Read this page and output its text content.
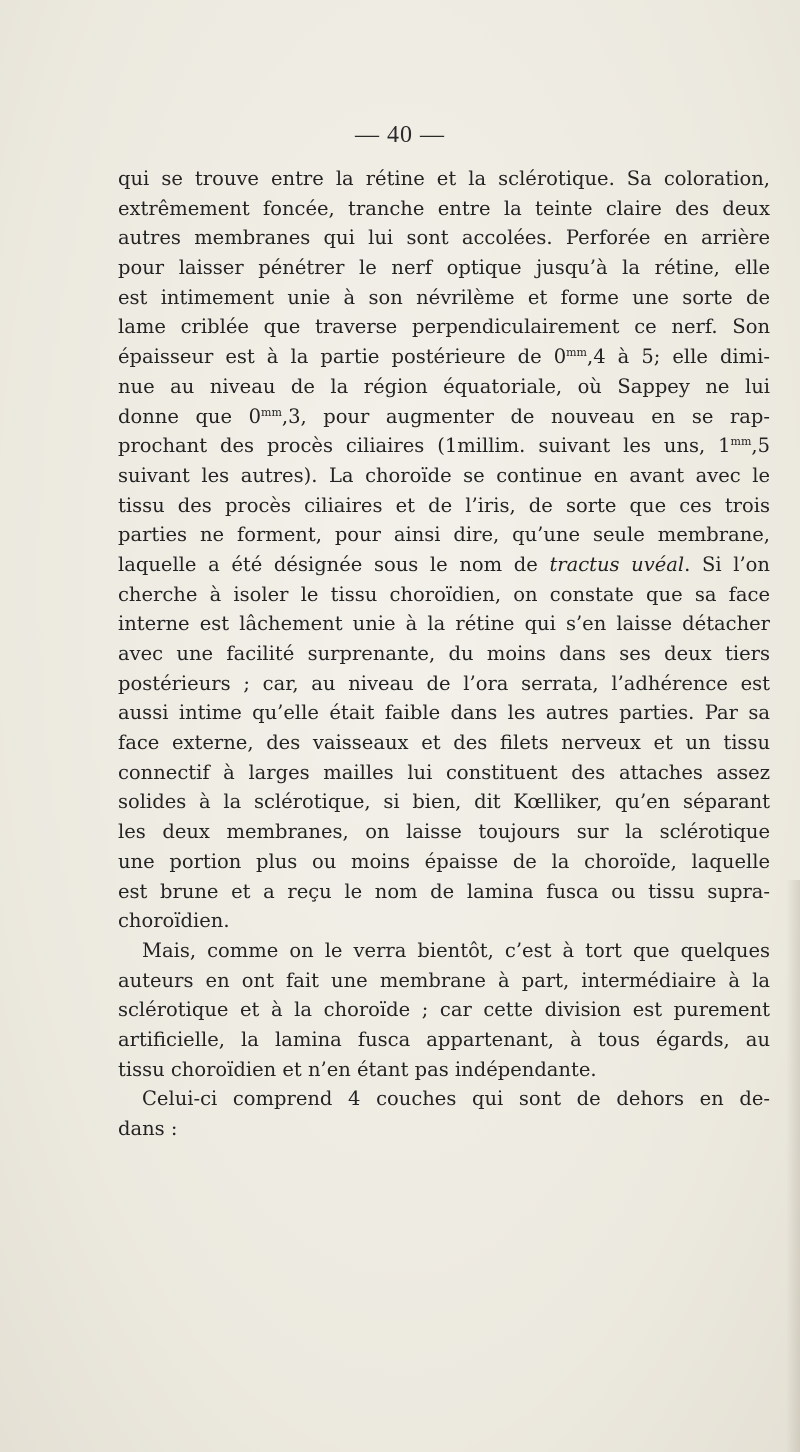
— 40 —
qui se trouve entre la rétine et la sclérotique. Sa coloration,
extrêmement foncée, tranche entre la teinte claire des deux
autres membranes qui lui sont accolées. Perforée en arrière
pour laisser pénétrer le nerf optique jusqu’à la rétine, elle
est intimement unie à son névrilème et forme une sorte de
lame criblée que traverse perpendiculairement ce nerf. Son
épaisseur est à la partie postérieure de $0^{mm},4$ à 5; elle dimi-
nue au niveau de la région équatoriale, où Sappey ne lui
donne que $0^{mm},3$, pour augmenter de nouveau en se rap-
prochant des procès ciliaires (1millim. suivant les uns, $1^{mm},5$
suivant les autres). La choroïde se continue en avant avec le
tissu des procès ciliaires et de l’iris, de sorte que ces trois
parties ne forment, pour ainsi dire, qu’une seule membrane,
laquelle a été désignée sous le nom de tractus uvéal. Si l’on
cherche à isoler le tissu choroïdien, on constate que sa face
interne est lâchement unie à la rétine qui s’en laisse détacher
avec une facilité surprenante, du moins dans ses deux tiers
postérieurs ; car, au niveau de l’ora serrata, l’adhérence est
aussi intime qu’elle était faible dans les autres parties. Par sa
face externe, des vaisseaux et des filets nerveux et un tissu
connectif à larges mailles lui constituent des attaches assez
solides à la sclérotique, si bien, dit Kœlliker, qu’en séparant
les deux membranes, on laisse toujours sur la sclérotique
une portion plus ou moins épaisse de la choroïde, laquelle
est brune et a reçu le nom de lamina fusca ou tissu supra-
choroïdien.
Mais, comme on le verra bientôt, c’est à tort que quelques
auteurs en ont fait une membrane à part, intermédiaire à la
sclérotique et à la choroïde ; car cette division est purement
artificielle, la lamina fusca appartenant, à tous égards, au
tissu choroïdien et n’en étant pas indépendante.
Celui-ci comprend 4 couches qui sont de dehors en de-
dans :
